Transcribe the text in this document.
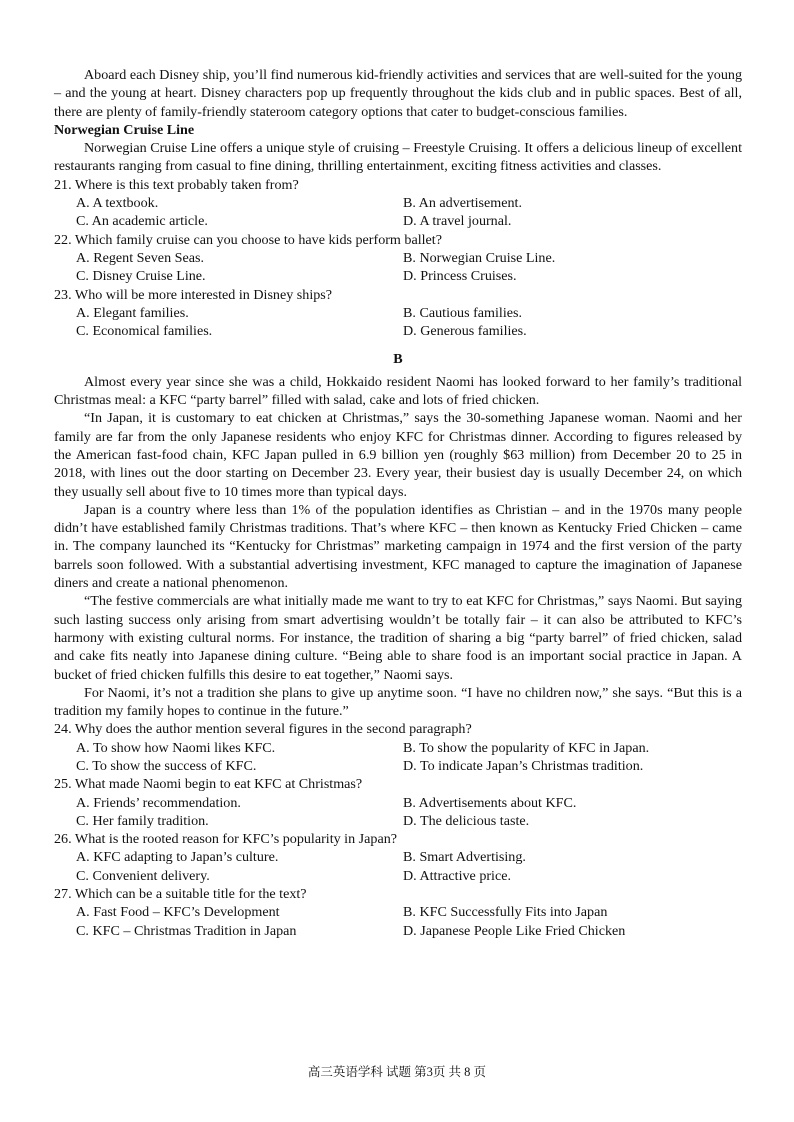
Aboard each Disney ship, you’ll find numerous kid-friendly activities and services that are well-suited for the young – and the young at heart. Disney characters pop up frequently throughout the kids club and in public spaces. Best of all, there are plenty of family-friendly stateroom category options that cater to budget-conscious families.

Norwegian Cruise Line

Norwegian Cruise Line offers a unique style of cruising – Freestyle Cruising. It offers a delicious lineup of excellent restaurants ranging from casual to fine dining, thrilling entertainment, exciting fitness activities and classes.

21. Where is this text probably taken from?

A. A textbook.	B. An advertisement.
C. An academic article.	D. A travel journal.

22. Which family cruise can you choose to have kids perform ballet?

A. Regent Seven Seas.	B. Norwegian Cruise Line.
C. Disney Cruise Line.	D. Princess Cruises.

23. Who will be more interested in Disney ships?

A. Elegant families.	B. Cautious families.
C. Economical families.	D. Generous families.
B

Almost every year since she was a child, Hokkaido resident Naomi has looked forward to her family’s traditional Christmas meal: a KFC “party barrel” filled with salad, cake and lots of fried chicken.

“In Japan, it is customary to eat chicken at Christmas,” says the 30-something Japanese woman. Naomi and her family are far from the only Japanese residents who enjoy KFC for Christmas dinner. According to figures released by the American fast-food chain, KFC Japan pulled in 6.9 billion yen (roughly $63 million) from December 20 to 25 in 2018, with lines out the door starting on December 23. Every year, their busiest day is usually December 24, on which they usually sell about five to 10 times more than typical days.

Japan is a country where less than 1% of the population identifies as Christian – and in the 1970s many people didn’t have established family Christmas traditions. That’s where KFC – then known as Kentucky Fried Chicken – came in. The company launched its “Kentucky for Christmas” marketing campaign in 1974 and the first version of the party barrels soon followed. With a substantial advertising investment, KFC managed to capture the imagination of Japanese diners and create a national phenomenon.

“The festive commercials are what initially made me want to try to eat KFC for Christmas,” says Naomi. But saying such lasting success only arising from smart advertising wouldn’t be totally fair – it can also be attributed to KFC’s harmony with existing cultural norms. For instance, the tradition of sharing a big “party barrel” of fried chicken, salad and cake fits neatly into Japanese dining culture. “Being able to share food is an important social practice in Japan. A bucket of fried chicken fulfills this desire to eat together,” Naomi says.

For Naomi, it’s not a tradition she plans to give up anytime soon. “I have no children now,” she says. “But this is a tradition my family hopes to continue in the future.”

24. Why does the author mention several figures in the second paragraph?

A. To show how Naomi likes KFC.	B. To show the popularity of KFC in Japan.
C. To show the success of KFC.	D. To indicate Japan’s Christmas tradition.

25. What made Naomi begin to eat KFC at Christmas?

A. Friends’ recommendation.	B. Advertisements about KFC.
C. Her family tradition.	D. The delicious taste.

26. What is the rooted reason for KFC’s popularity in Japan?

A. KFC adapting to Japan’s culture.	B. Smart Advertising.
C. Convenient delivery.	D. Attractive price.

27. Which can be a suitable title for the text?

A. Fast Food – KFC’s Development	B. KFC Successfully Fits into Japan
C. KFC – Christmas Tradition in Japan	D. Japanese People Like Fried Chicken
高三英语学科 试题 第3页 共 8 页
